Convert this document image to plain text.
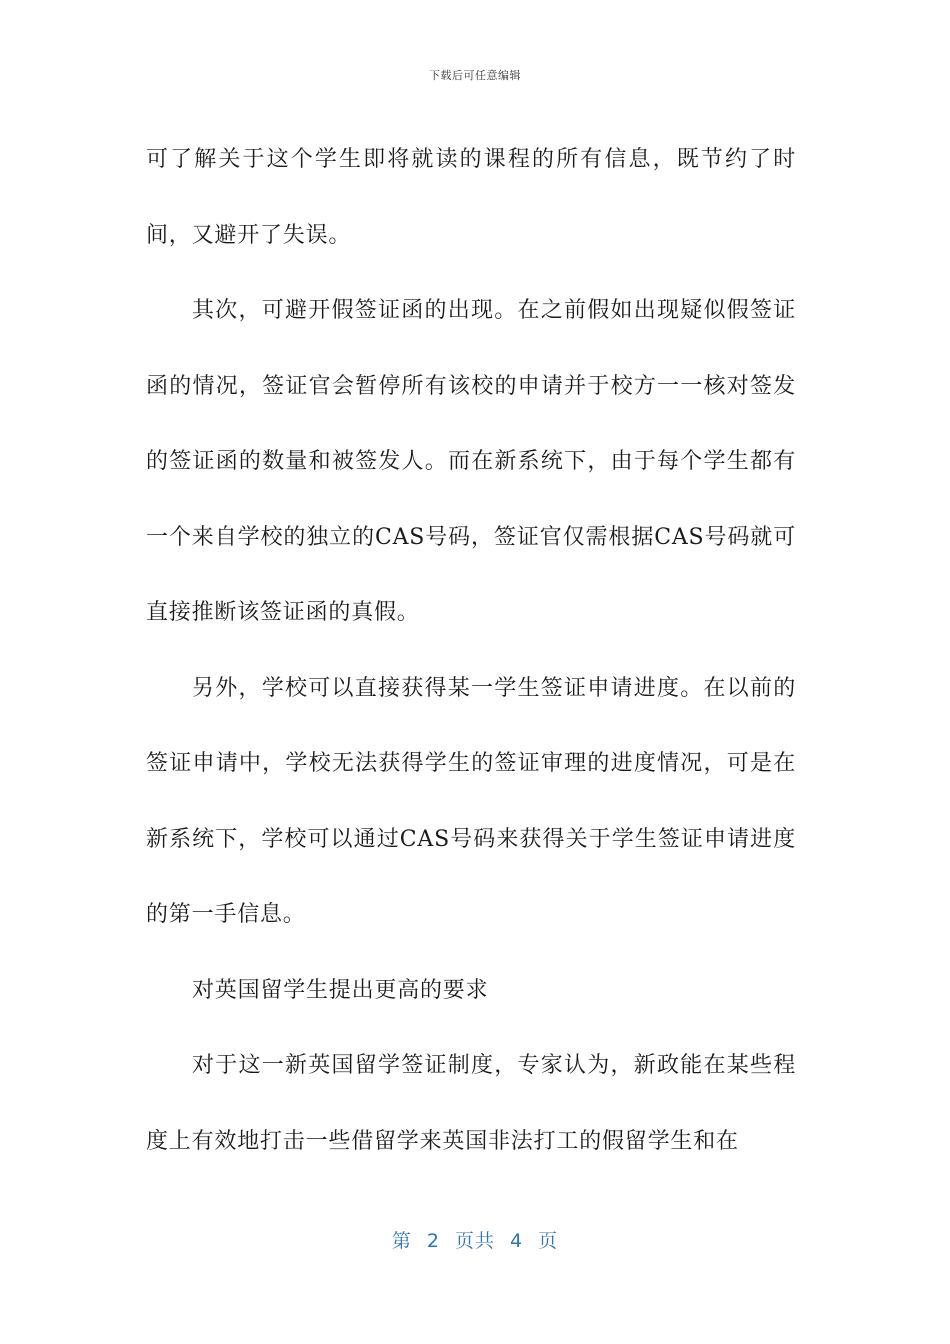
下载后可任意编辑

可了解关于这个学生即将就读的课程的所有信息，既节约了时间，又避开了失误。

其次，可避开假签证函的出现。在之前假如出现疑似假签证函的情况，签证官会暂停所有该校的申请并于校方一一核对签发的签证函的数量和被签发人。而在新系统下，由于每个学生都有一个来自学校的独立的CAS号码，签证官仅需根据CAS号码就可直接推断该签证函的真假。

另外，学校可以直接获得某一学生签证申请进度。在以前的签证申请中，学校无法获得学生的签证审理的进度情况，可是在新系统下，学校可以通过CAS号码来获得关于学生签证申请进度的第一手信息。

对英国留学生提出更高的要求

对于这一新英国留学签证制度，专家认为，新政能在某些程度上有效地打击一些借留学来英国非法打工的假留学生和在

第 2 页共 4 页
